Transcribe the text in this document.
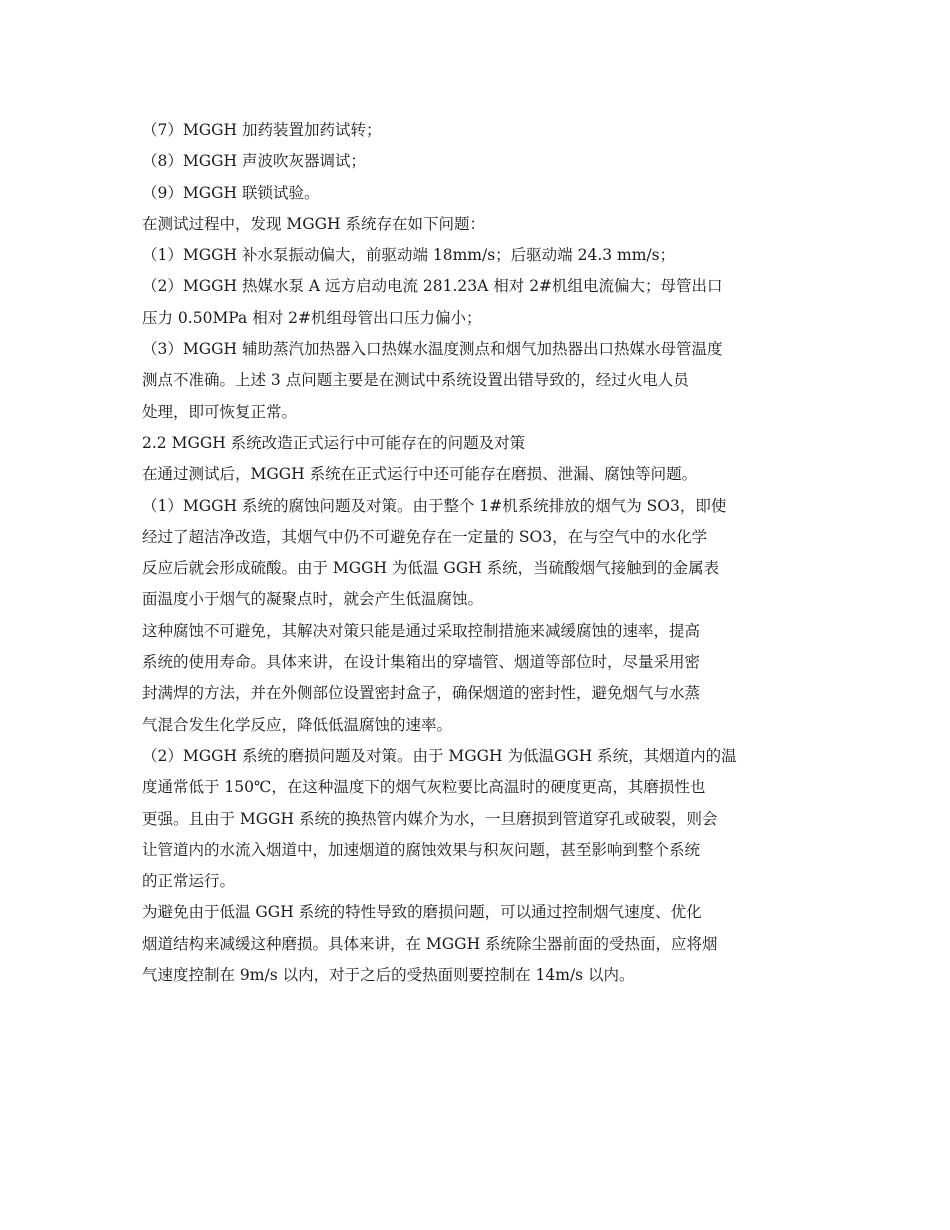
（7）MGGH 加药装置加药试转；
（8）MGGH 声波吹灰器调试；
（9）MGGH 联锁试验。
在测试过程中，发现 MGGH 系统存在如下问题：
（1）MGGH 补水泵振动偏大，前驱动端 18mm/s；后驱动端 24.3 mm/s；
（2）MGGH 热媒水泵 A 远方启动电流 281.23A 相对 2#机组电流偏大；母管出口
压力 0.50MPa 相对 2#机组母管出口压力偏小；
（3）MGGH 辅助蒸汽加热器入口热媒水温度测点和烟气加热器出口热媒水母管温度
测点不准确。上述 3 点问题主要是在测试中系统设置出错导致的，经过火电人员
处理，即可恢复正常。
2.2 MGGH 系统改造正式运行中可能存在的问题及对策
在通过测试后，MGGH 系统在正式运行中还可能存在磨损、泄漏、腐蚀等问题。
（1）MGGH 系统的腐蚀问题及对策。由于整个 1#机系统排放的烟气为 SO3，即使
经过了超洁净改造，其烟气中仍不可避免存在一定量的 SO3，在与空气中的水化学
反应后就会形成硫酸。由于 MGGH 为低温 GGH 系统，当硫酸烟气接触到的金属表
面温度小于烟气的凝聚点时，就会产生低温腐蚀。
这种腐蚀不可避免，其解决对策只能是通过采取控制措施来减缓腐蚀的速率，提高
系统的使用寿命。具体来讲，在设计集箱出的穿墙管、烟道等部位时，尽量采用密
封满焊的方法，并在外侧部位设置密封盒子，确保烟道的密封性，避免烟气与水蒸
气混合发生化学反应，降低低温腐蚀的速率。
（2）MGGH 系统的磨损问题及对策。由于 MGGH 为低温GGH 系统，其烟道内的温
度通常低于 150℃，在这种温度下的烟气灰粒要比高温时的硬度更高，其磨损性也
更强。且由于 MGGH 系统的换热管内媒介为水，一旦磨损到管道穿孔或破裂，则会
让管道内的水流入烟道中，加速烟道的腐蚀效果与积灰问题，甚至影响到整个系统
的正常运行。
为避免由于低温 GGH 系统的特性导致的磨损问题，可以通过控制烟气速度、优化
烟道结构来减缓这种磨损。具体来讲，在 MGGH 系统除尘器前面的受热面，应将烟
气速度控制在 9m/s 以内，对于之后的受热面则要控制在 14m/s 以内。
